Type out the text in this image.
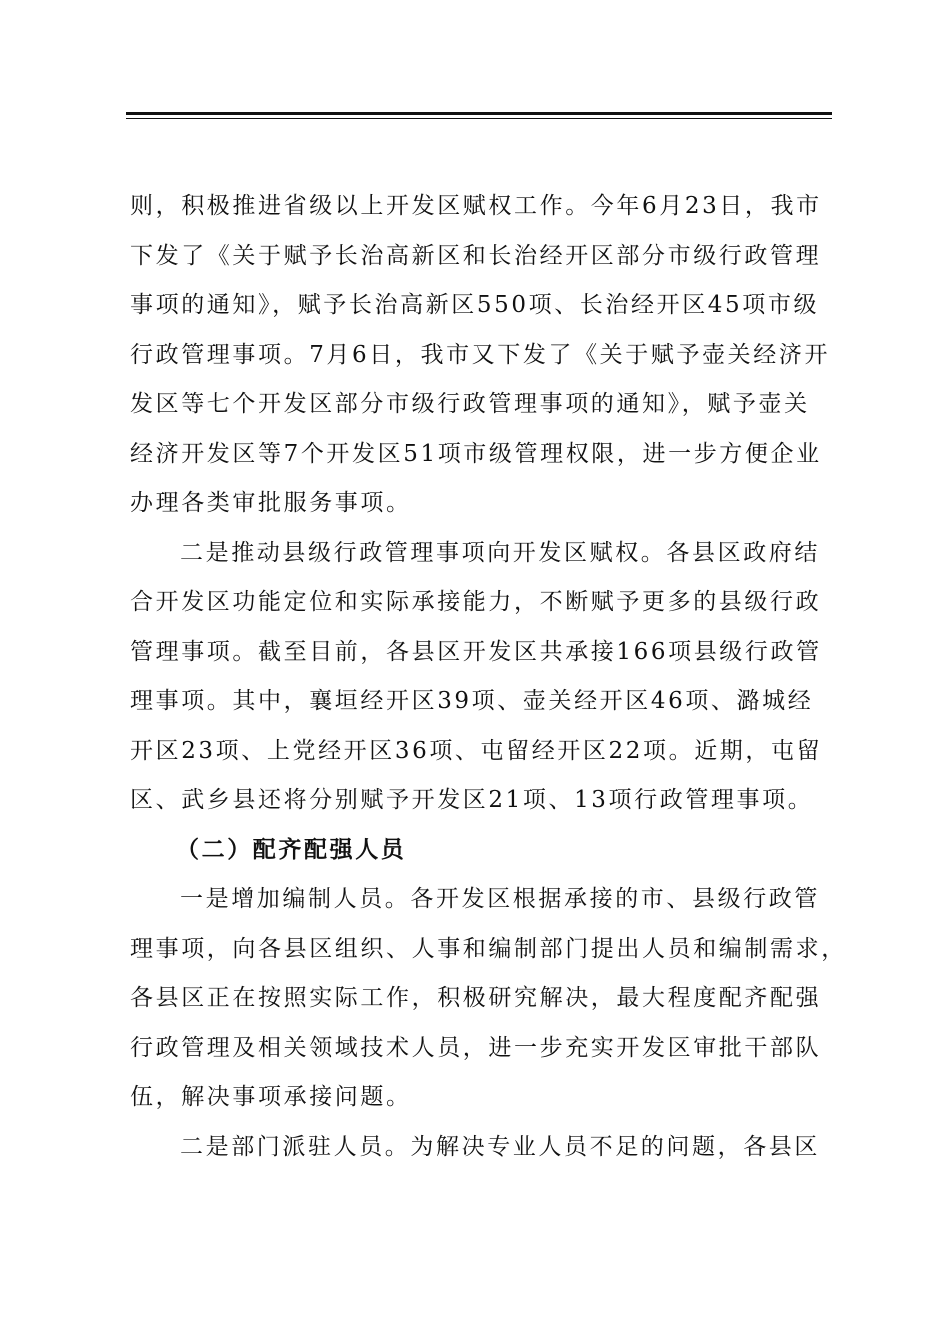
则，积极推进省级以上开发区赋权工作。今年6月23日，我市
下发了《关于赋予长治高新区和长治经开区部分市级行政管理
事项的通知》，赋予长治高新区550项、长治经开区45项市级
行政管理事项。7月6日，我市又下发了《关于赋予壶关经济开
发区等七个开发区部分市级行政管理事项的通知》，赋予壶关
经济开发区等7个开发区51项市级管理权限，进一步方便企业
办理各类审批服务事项。
二是推动县级行政管理事项向开发区赋权。各县区政府结
合开发区功能定位和实际承接能力，不断赋予更多的县级行政
管理事项。截至目前，各县区开发区共承接166项县级行政管
理事项。其中，襄垣经开区39项、壶关经开区46项、潞城经
开区23项、上党经开区36项、屯留经开区22项。近期，屯留
区、武乡县还将分别赋予开发区21项、13项行政管理事项。
（二）配齐配强人员
一是增加编制人员。各开发区根据承接的市、县级行政管
理事项，向各县区组织、人事和编制部门提出人员和编制需求，
各县区正在按照实际工作，积极研究解决，最大程度配齐配强
行政管理及相关领域技术人员，进一步充实开发区审批干部队
伍，解决事项承接问题。
二是部门派驻人员。为解决专业人员不足的问题，各县区
